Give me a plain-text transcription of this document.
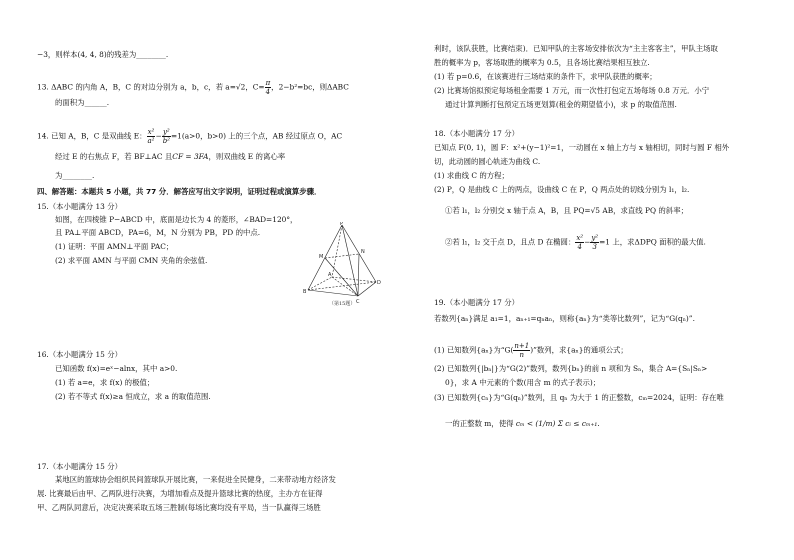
−3，则样本(4, 4, 8)的残差为________.
13. ΔABC 的内角 A，B，C 的对边分别为 a，b，c，若 a=√2，$C= \frac{\pi}{4}$ ，2−b²=bc，则ΔABC
的面积为______.
14. 已知 A，B，C 是双曲线 E： $\frac{\text{x²}}{\text{a²}} - \frac{\text{y²}}{\text{b²}} =1(a>0$，b>0) 上的三个点，AB 经过原点 O，AC
经过 E 的右焦点 F，若 BF⊥AC 且CF = 3FA，则双曲线 E 的离心率
为________.
四、解答题：本题共 5 小题，共 77 分．解答应写出文字说明，证明过程或演算步骤．
15.（本小题满分 13 分）
如图，在四棱锥 P−ABCD 中，底面是边长为 4 的菱形，∠BAD=120°，
且 PA⊥平面 ABCD，PA=6，M，N 分别为 PB，PD 的中点.
(1) 证明：平面 AMN⊥平面 PAC；
(2) 求平面 AMN 与平面 CMN 夹角的余弦值.
P
M
N
A
B
C
D
（第15题）
16.（本小题满分 15 分）
已知函数 f(x)=eˣ−alnx，其中 a>0.
(1) 若 a=e，求 f(x) 的极值；
(2) 若不等式 f(x)≥a 恒成立，求 a 的取值范围.
17.（本小题满分 15 分）
某地区的篮球协会组织民间篮球队开展比赛，一来促进全民健身，二来带动地方经济发
展. 比赛最后由甲、乙两队进行决赛，为增加看点及提升篮球比赛的热度，主办方在征得
甲、乙两队同意后，决定决赛采取五场三胜制(每场比赛均没有平局，当一队赢得三场胜
利时，该队获胜，比赛结束)．已知甲队的主客场安排依次为“主主客客主”，甲队主场取
胜的概率为 p，客场取胜的概率为 0.5，且各场比赛结果相互独立.
(1) 若 p=0.6，在该赛进行三场结束的条件下，求甲队获胜的概率；
(2) 比赛场馆拟预定每场租金需要 1 万元，而一次性打包定五场每场 0.8 万元．小宁
通过计算判断打包预定五场更划算(租金的期望值小)，求 p 的取值范围.
18.（本小题满分 17 分）
已知点 F(0, 1)，圆 F：x²+(y−1)²=1，一动圆在 x 轴上方与 x 轴相切，同时与圆 F 相外
切，此动圆的圆心轨迹为曲线 C.
(1) 求曲线 C 的方程；
(2) P，Q 是曲线 C 上的两点，设曲线 C 在 P，Q 两点处的切线分别为 l₁，l₂.
①若 l₁，l₂ 分别交 x 轴于点 A，B，且 PQ=√5 AB，求直线 PQ 的斜率；
②若 l₁，l₂ 交于点 D，且点 D 在椭圆： $\frac{\text{x²}}{4} - \frac{\text{y²}}{3} =1$ 上，求ΔDPQ 面积的最大值.
19.（本小题满分 17 分）
若数列{aₙ}满足 a₁=1，aₙ₊₁=qₙaₙ，则称{aₙ}为“类等比数列”，记为“G(qₙ)”.
(1) 已知数列{aₙ}为“$G( \frac{n+1}{n}$ )”数列，求{aₙ}的通项公式；
(2) 已知数列{|bₙ|}为“G(2)”数列，数列{bₙ}的前 n 项和为 Sₙ，集合 A={Sₙ|Sₙ>
0}，求 A 中元素的个数(用含 m 的式子表示)；
(3) 已知数列{cₙ}为“G(qₙ)”数列，且 qₙ 为大于 1 的正整数，cₘ=2024，证明：存在唯
一的正整数 m，使得 cₘ < (1/m) Σ cᵢ ≤ cₘ₊₁.
